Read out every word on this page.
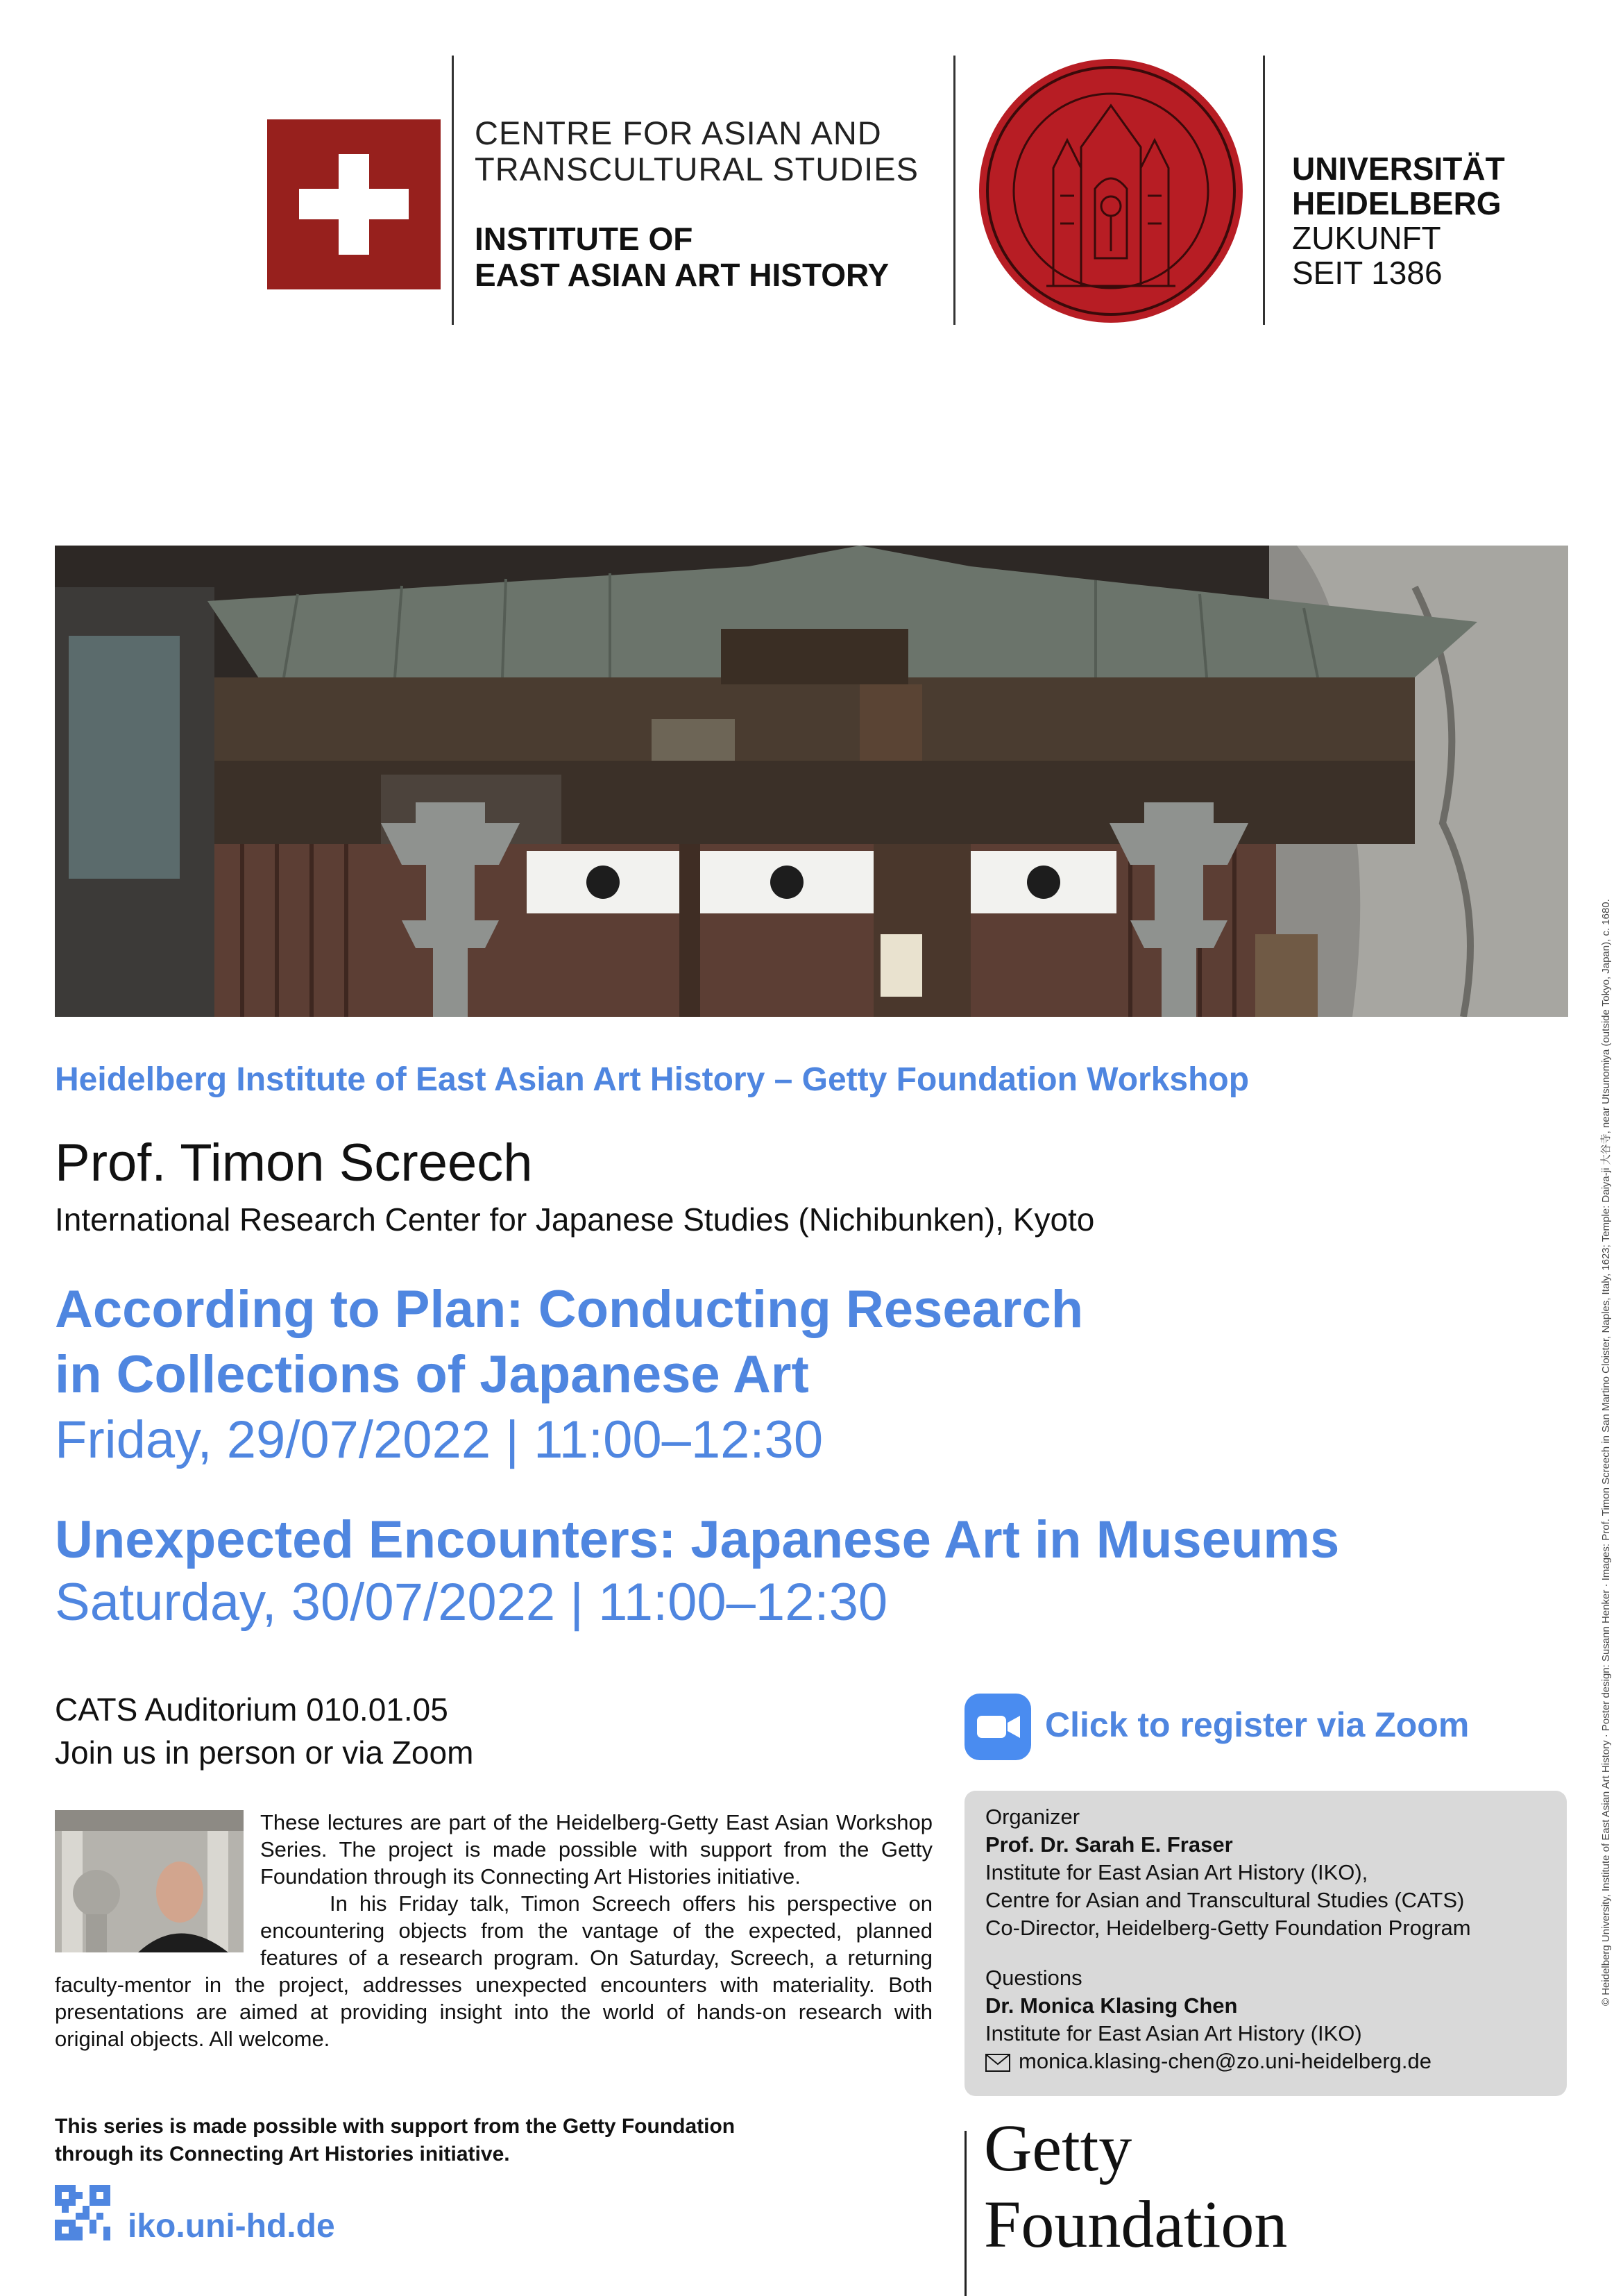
CENTRE FOR ASIAN AND
TRANSCULTURAL STUDIES
INSTITUTE OF
EAST ASIAN ART HISTORY
UNIVERSITÄT
HEIDELBERG
ZUKUNFT
SEIT 1386
© Heidelberg University, Institute of East Asian Art History · Poster design: Susann Henker · Images: Prof. Timon Screech in San Martino Cloister, Naples, Italy, 1623; Temple: Daiya-ji 大谷寺, near Utsunomiya (outside Tokyo, Japan), c. 1680.
Heidelberg Institute of East Asian Art History – Getty Foundation Workshop
Prof. Timon Screech
International Research Center for Japanese Studies (Nichibunken), Kyoto
According to Plan: Conducting Research
in Collections of Japanese Art
Friday, 29/07/2022 | 11:00–12:30
Unexpected Encounters: Japanese Art in Museums
Saturday, 30/07/2022 | 11:00–12:30
CATS Auditorium 010.01.05
Join us in person or via Zoom
Click to register via Zoom
These lectures are part of the Heidelberg-Getty East Asian Workshop Series. The project is made possible with support from the Getty Foundation through its Connecting Art Histories initiative.
In his Friday talk, Timon Screech offers his perspective on encountering objects from the vantage of the expected, planned features of a research program. On Saturday, Screech, a returning faculty-mentor in the project, addresses unexpected encounters with materiality. Both presentations are aimed at providing insight into the world of hands-on research with original objects. All welcome.
Organizer
Prof. Dr. Sarah E. Fraser
Institute for East Asian Art History (IKO),
Centre for Asian and Transcultural Studies (CATS)
Co-Director, Heidelberg-Getty Foundation Program
Questions
Dr. Monica Klasing Chen
Institute for East Asian Art History (IKO)
monica.klasing-chen@zo.uni-heidelberg.de
This series is made possible with support from the Getty Foundation
through its Connecting Art Histories initiative.
iko.uni-hd.de
Getty
Foundation
